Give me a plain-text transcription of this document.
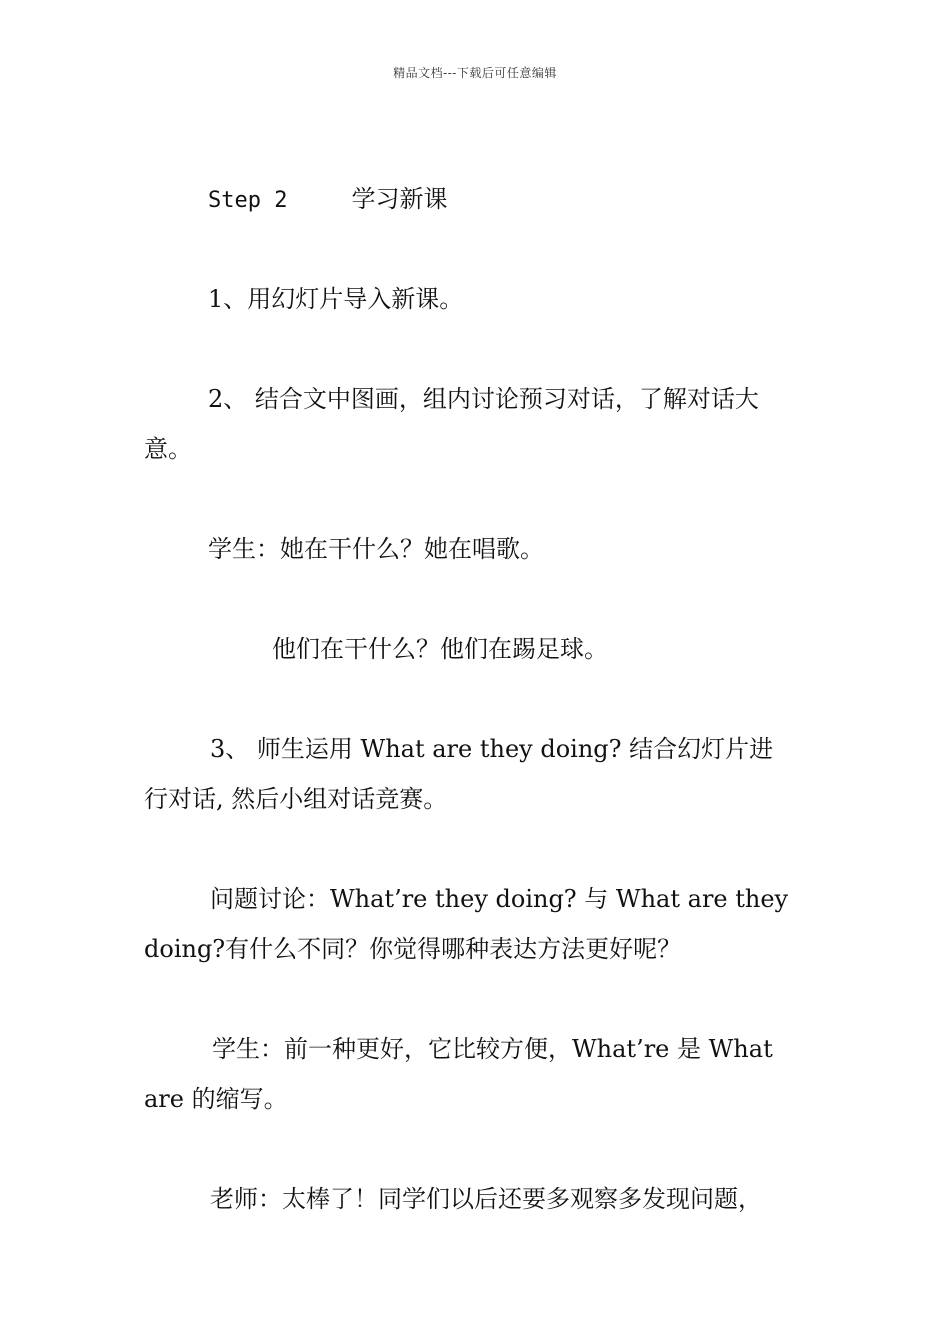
精品文档---下载后可任意编辑
Step 2	学习新课
1、用幻灯片导入新课。
2、 结合文中图画，组内讨论预习对话，了解对话大
意。
学生：她在干什么？她在唱歌。
他们在干什么？他们在踢足球。
3、 师生运用 What are they doing? 结合幻灯片进
行对话, 然后小组对话竞赛。
问题讨论：What’re they doing? 与 What are they
doing?有什么不同？你觉得哪种表达方法更好呢？
学生：前一种更好，它比较方便，What’re 是 What
are 的缩写。
老师：太棒了！同学们以后还要多观察多发现问题，
